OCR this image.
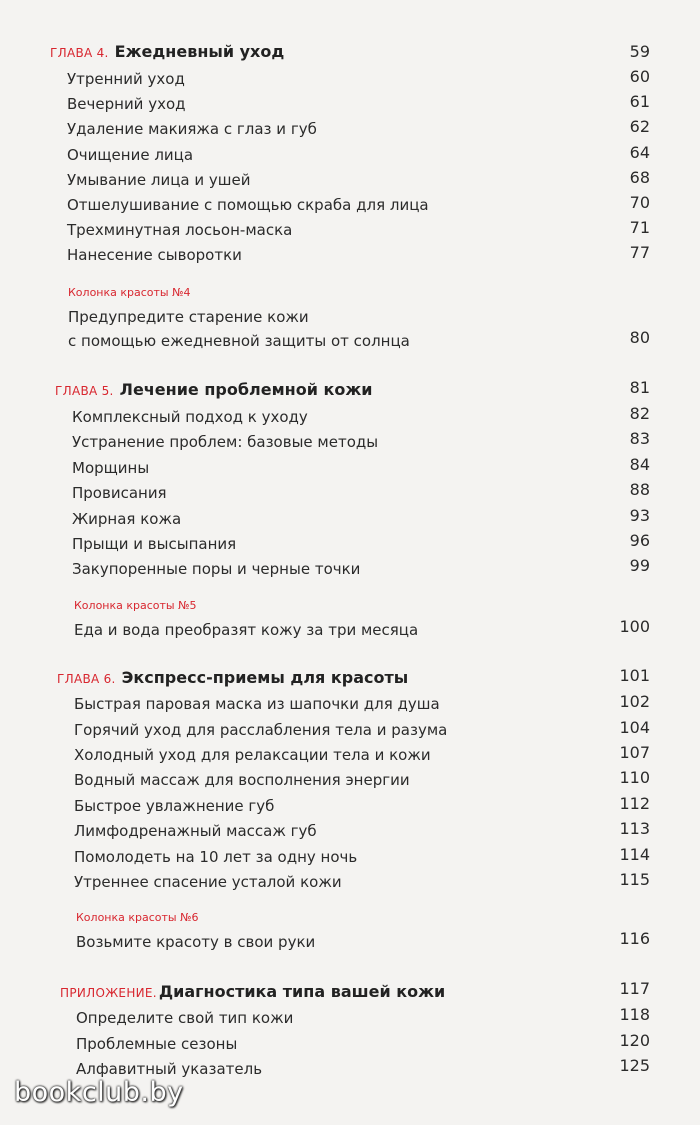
ГЛАВА 4. Ежедневный уход	59
Утренний уход	60
Вечерний уход	61
Удаление макияжа с глаз и губ	62
Очищение лица	64
Умывание лица и ушей	68
Отшелушивание с помощью скраба для лица	70
Трехминутная лосьон-маска	71
Нанесение сыворотки	77
Колонка красоты №4
Предупредите старение кожи
с помощью ежедневной защиты от солнца	80
ГЛАВА 5. Лечение проблемной кожи	81
Комплексный подход к уходу	82
Устранение проблем: базовые методы	83
Морщины	84
Провисания	88
Жирная кожа	93
Прыщи и высыпания	96
Закупоренные поры и черные точки	99
Колонка красоты №5
Еда и вода преобразят кожу за три месяца	100
ГЛАВА 6. Экспресс-приемы для красоты	101
Быстрая паровая маска из шапочки для душа	102
Горячий уход для расслабления тела и разума	104
Холодный уход для релаксации тела и кожи	107
Водный массаж для восполнения энергии	110
Быстрое увлажнение губ	112
Лимфодренажный массаж губ	113
Помолодеть на 10 лет за одну ночь	114
Утреннее спасение усталой кожи	115
Колонка красоты №6
Возьмите красоту в свои руки	116
ПРИЛОЖЕНИЕ. Диагностика типа вашей кожи	117
Определите свой тип кожи	118
Проблемные сезоны	120
Алфавитный указатель	125
bookclub.by
